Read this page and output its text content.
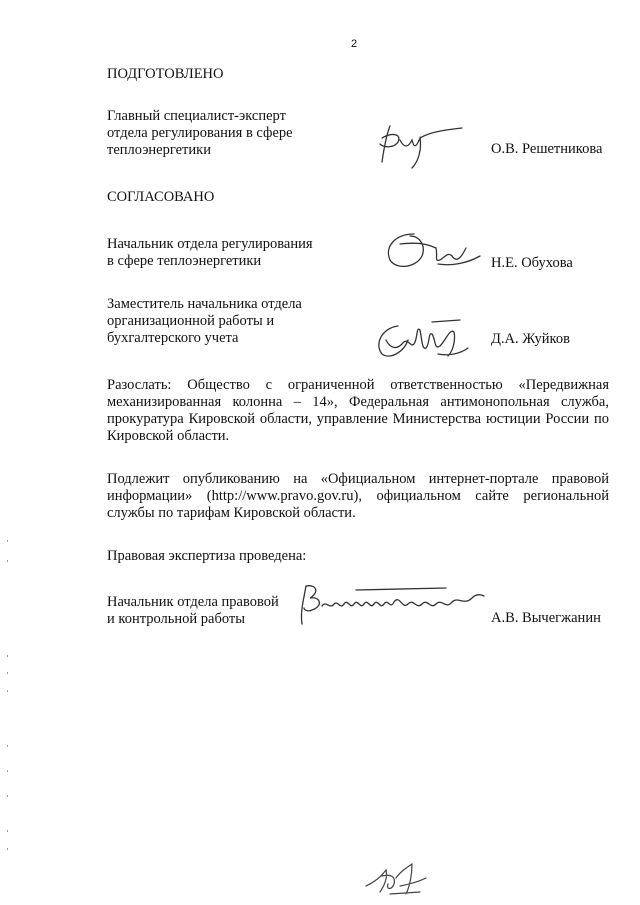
2
ПОДГОТОВЛЕНО
Главный специалист-эксперт
отдела регулирования в сфере
теплоэнергетики	О.В. Решетникова
СОГЛАСОВАНО
Начальник отдела регулирования
в сфере теплоэнергетики	Н.Е. Обухова
Заместитель начальника отдела
организационной работы и
бухгалтерского учета	Д.А. Жуйков
Разослать: Общество с ограниченной ответственностью «Передвижная механизированная колонна – 14», Федеральная антимонопольная служба, прокуратура Кировской области, управление Министерства юстиции России по Кировской области.
Подлежит опубликованию на «Официальном интернет-портале правовой информации» (http://www.pravo.gov.ru), официальном сайте региональной службы по тарифам Кировской области.
Правовая экспертиза проведена:
Начальник отдела правовой
и контрольной работы	А.В. Вычегжанин
